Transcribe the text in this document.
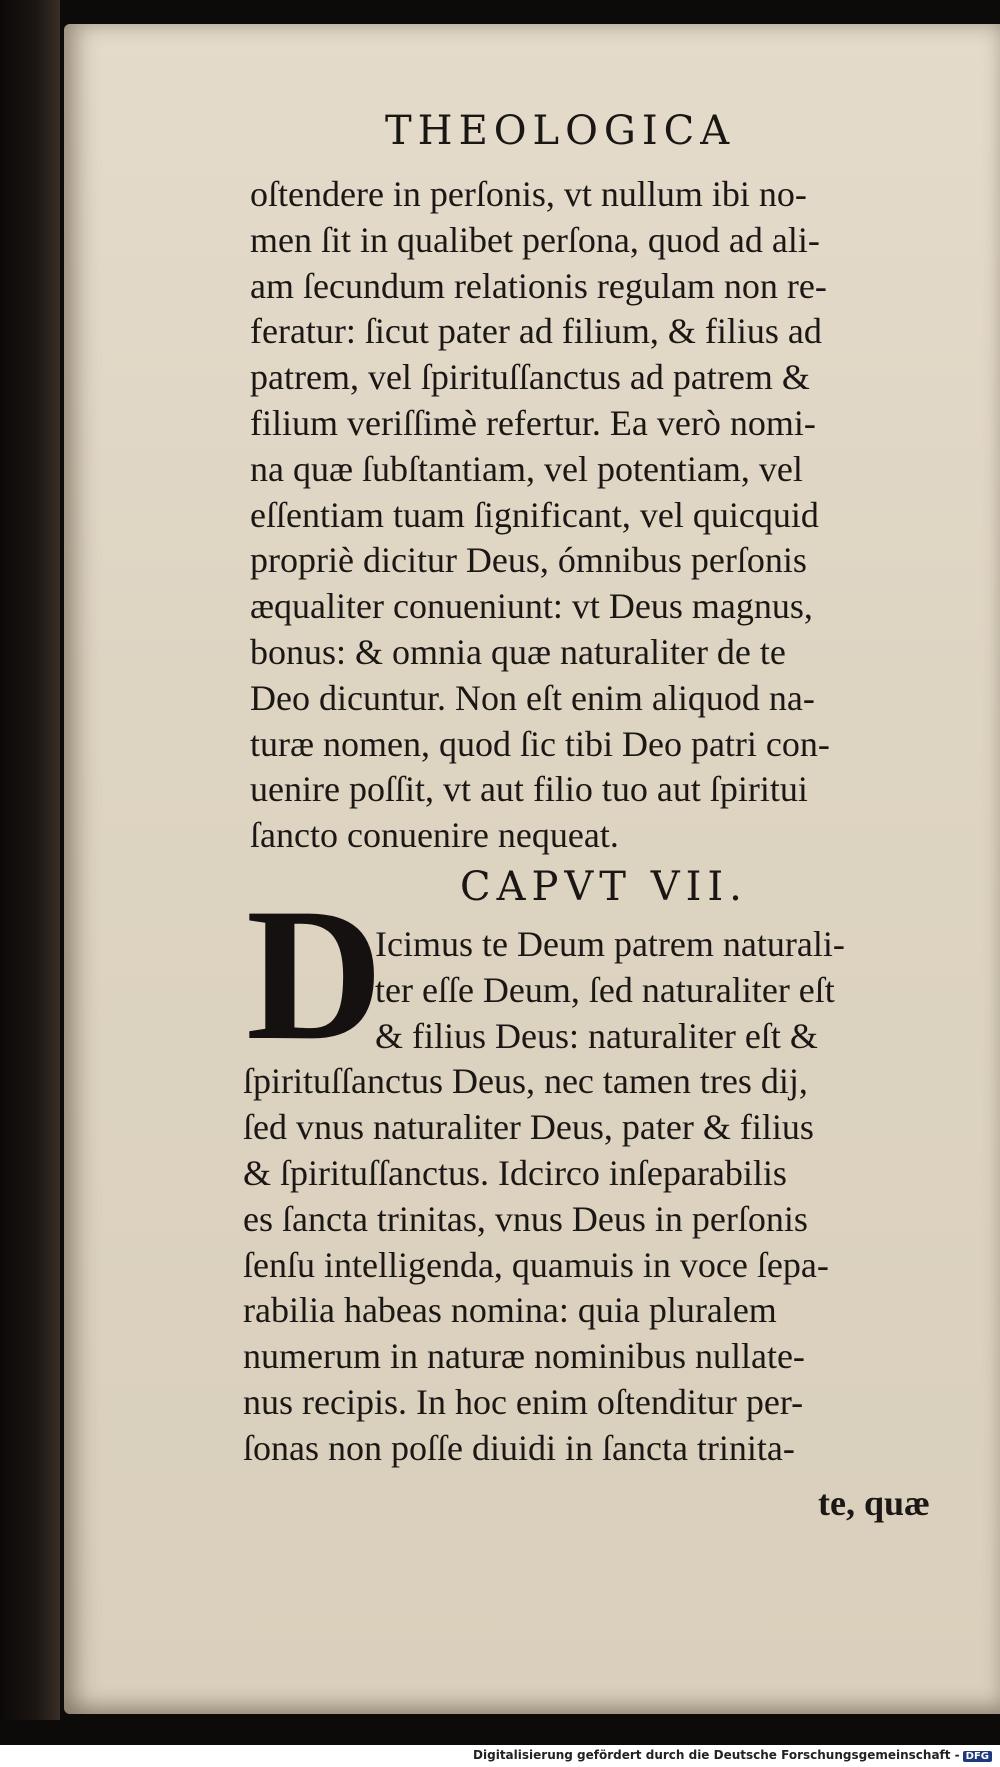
THEOLOGICA
oſtendere in perſonis, vt nullum ibi no-
men ſit in qualibet perſona, quod ad ali-
am ſecundum relationis regulam non re-
feratur: ſicut pater ad filium, & filius ad
patrem, vel ſpirituſſanctus ad patrem &
filium veriſſimè refertur. Ea verò nomi-
na quæ ſubſtantiam, vel potentiam, vel
eſſentiam tuam ſignificant, vel quicquid
propriè dicitur Deus, ómnibus perſonis
æqualiter conueniunt: vt Deus magnus,
bonus: & omnia quæ naturaliter de te
Deo dicuntur. Non eſt enim aliquod na-
turæ nomen, quod ſic tibi Deo patri con-
uenire poſſit, vt aut filio tuo aut ſpiritui
ſancto conuenire nequeat.
CAPVT VII.
D
Icimus te Deum patrem naturali-
ter eſſe Deum, ſed naturaliter eſt
& filius Deus: naturaliter eſt &
ſpirituſſanctus Deus, nec tamen tres dij,
ſed vnus naturaliter Deus, pater & filius
& ſpirituſſanctus. Idcirco inſeparabilis
es ſancta trinitas, vnus Deus in perſonis
ſenſu intelligenda, quamuis in voce ſepa-
rabilia habeas nomina: quia pluralem
numerum in naturæ nominibus nullate-
nus recipis. In hoc enim oſtenditur per-
ſonas non poſſe diuidi in ſancta trinita-
te, quæ
Digitalisierung gefördert durch die Deutsche Forschungsgemeinschaft - DFG
